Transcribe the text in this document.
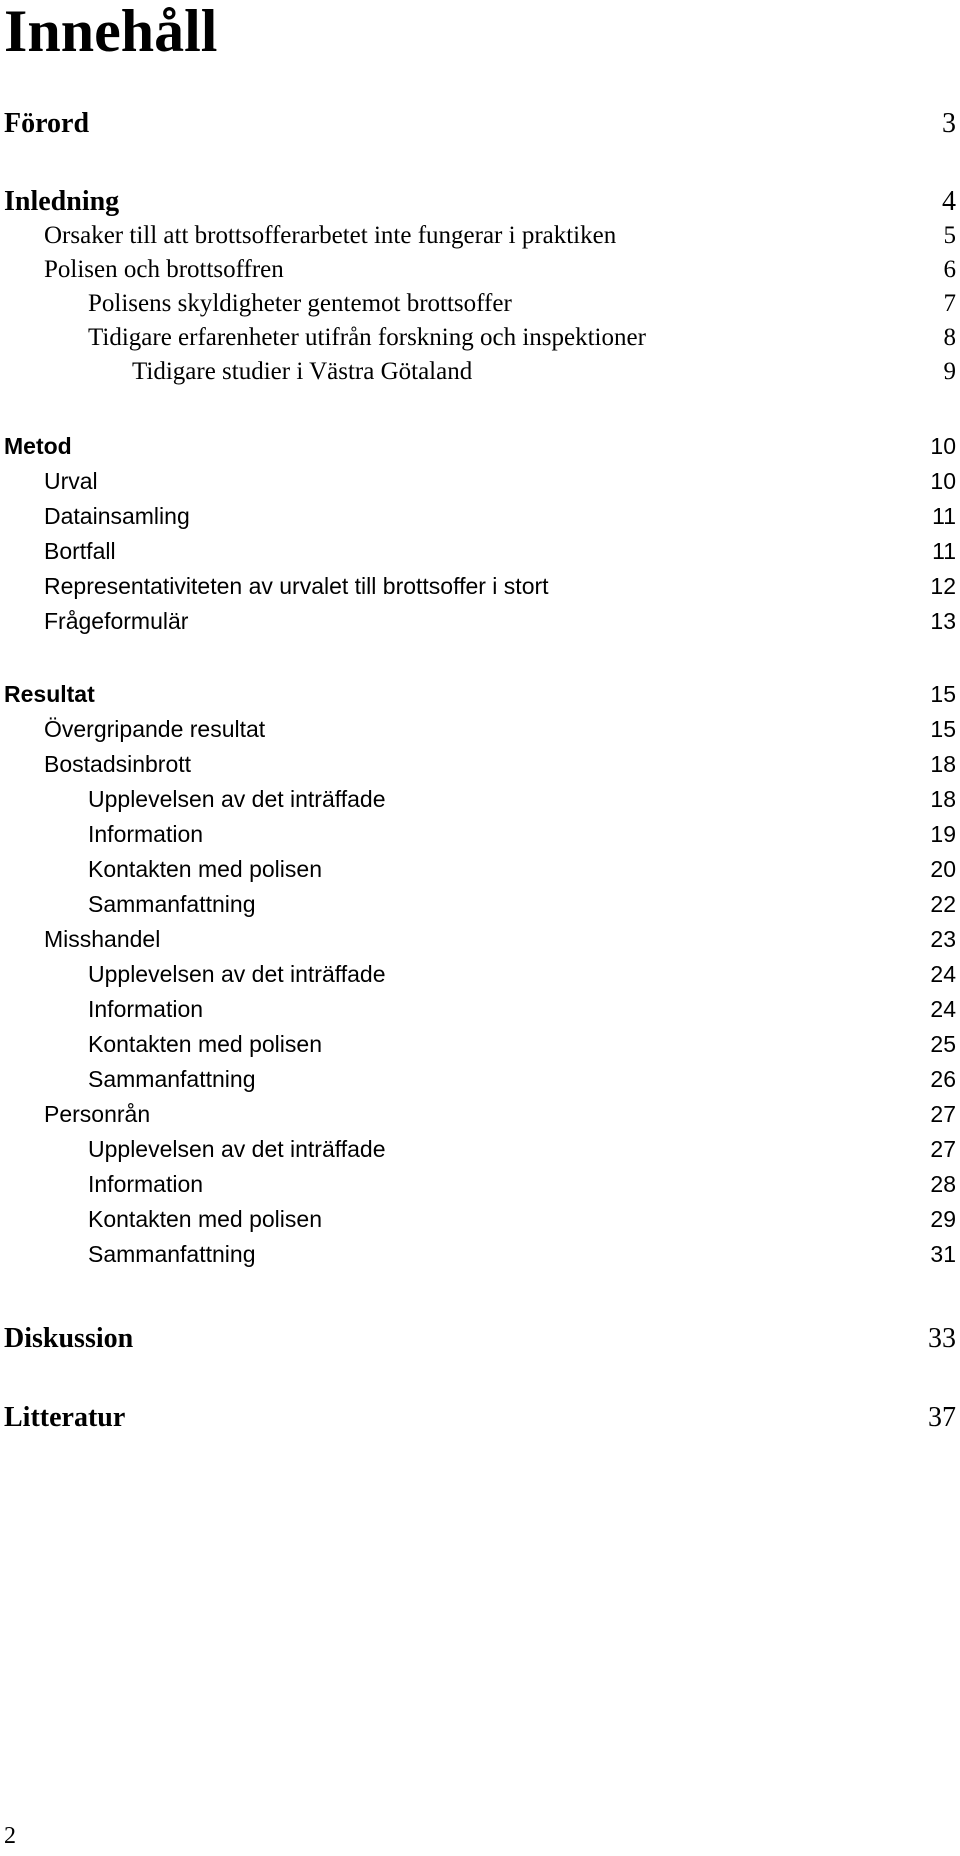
Innehåll
Förord	3
Inledning	4
Orsaker till att brottsofferarbetet inte fungerar i praktiken	5
Polisen och brottsoffren	6
Polisens skyldigheter gentemot brottsoffer	7
Tidigare erfarenheter utifrån forskning och inspektioner	8
Tidigare studier i Västra Götaland	9
Metod	10
Urval	10
Datainsamling	11
Bortfall	11
Representativiteten av urvalet till brottsoffer i stort	12
Frågeformulär	13
Resultat	15
Övergripande resultat	15
Bostadsinbrott	18
Upplevelsen av det inträffade	18
Information	19
Kontakten med polisen	20
Sammanfattning	22
Misshandel	23
Upplevelsen av det inträffade	24
Information	24
Kontakten med polisen	25
Sammanfattning	26
Personrån	27
Upplevelsen av det inträffade	27
Information	28
Kontakten med polisen	29
Sammanfattning	31
Diskussion	33
Litteratur	37
2
